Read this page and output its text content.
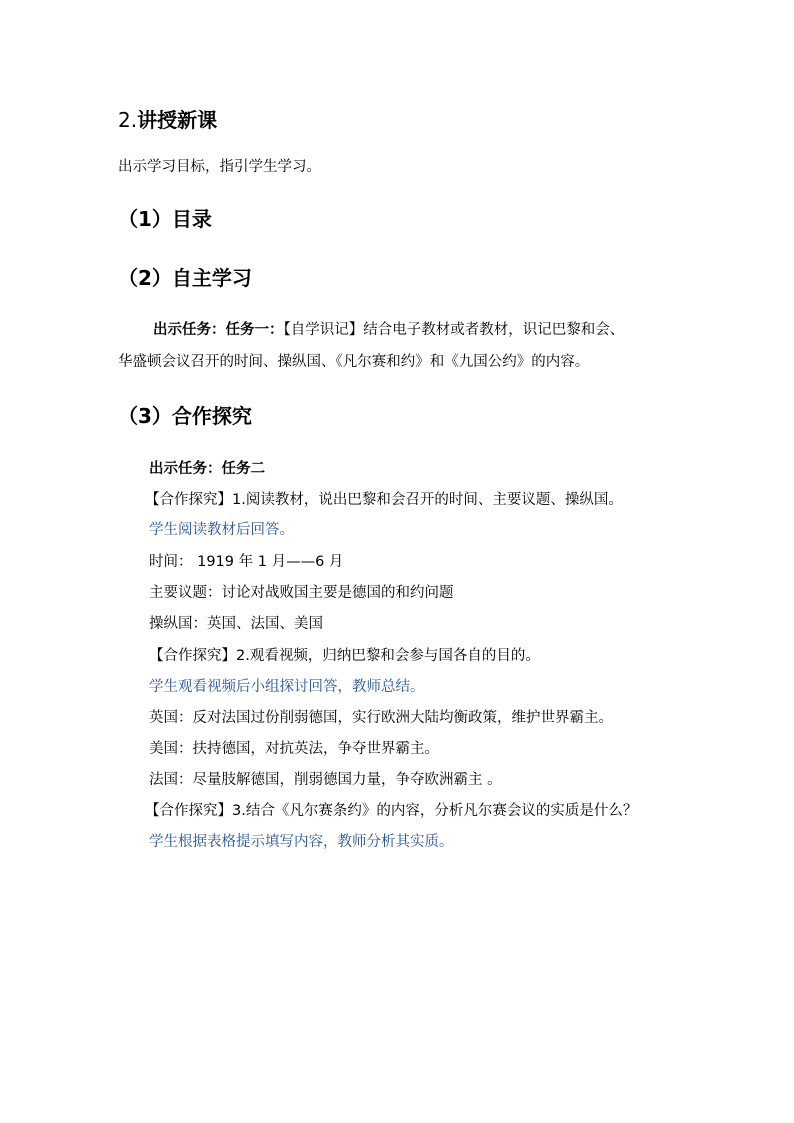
2.讲授新课
出示学习目标，指引学生学习。
（1）目录
（2）自主学习
出示任务：任务一：【自学识记】结合电子教材或者教材，识记巴黎和会、
华盛顿会议召开的时间、操纵国、《凡尔赛和约》和《九国公约》的内容。
（3）合作探究
出示任务：任务二
【合作探究】1.阅读教材，说出巴黎和会召开的时间、主要议题、操纵国。
学生阅读教材后回答。
时间： 1919 年 1 月——6 月
主要议题：讨论对战败国主要是德国的和约问题
操纵国：英国、法国、美国
【合作探究】2.观看视频，归纳巴黎和会参与国各自的目的。
学生观看视频后小组探讨回答，教师总结。
英国：反对法国过份削弱德国，实行欧洲大陆均衡政策，维护世界霸主。
美国：扶持德国，对抗英法，争夺世界霸主。
法国：尽量肢解德国，削弱德国力量，争夺欧洲霸主 。
【合作探究】3.结合《凡尔赛条约》的内容，分析凡尔赛会议的实质是什么？
学生根据表格提示填写内容，教师分析其实质。
